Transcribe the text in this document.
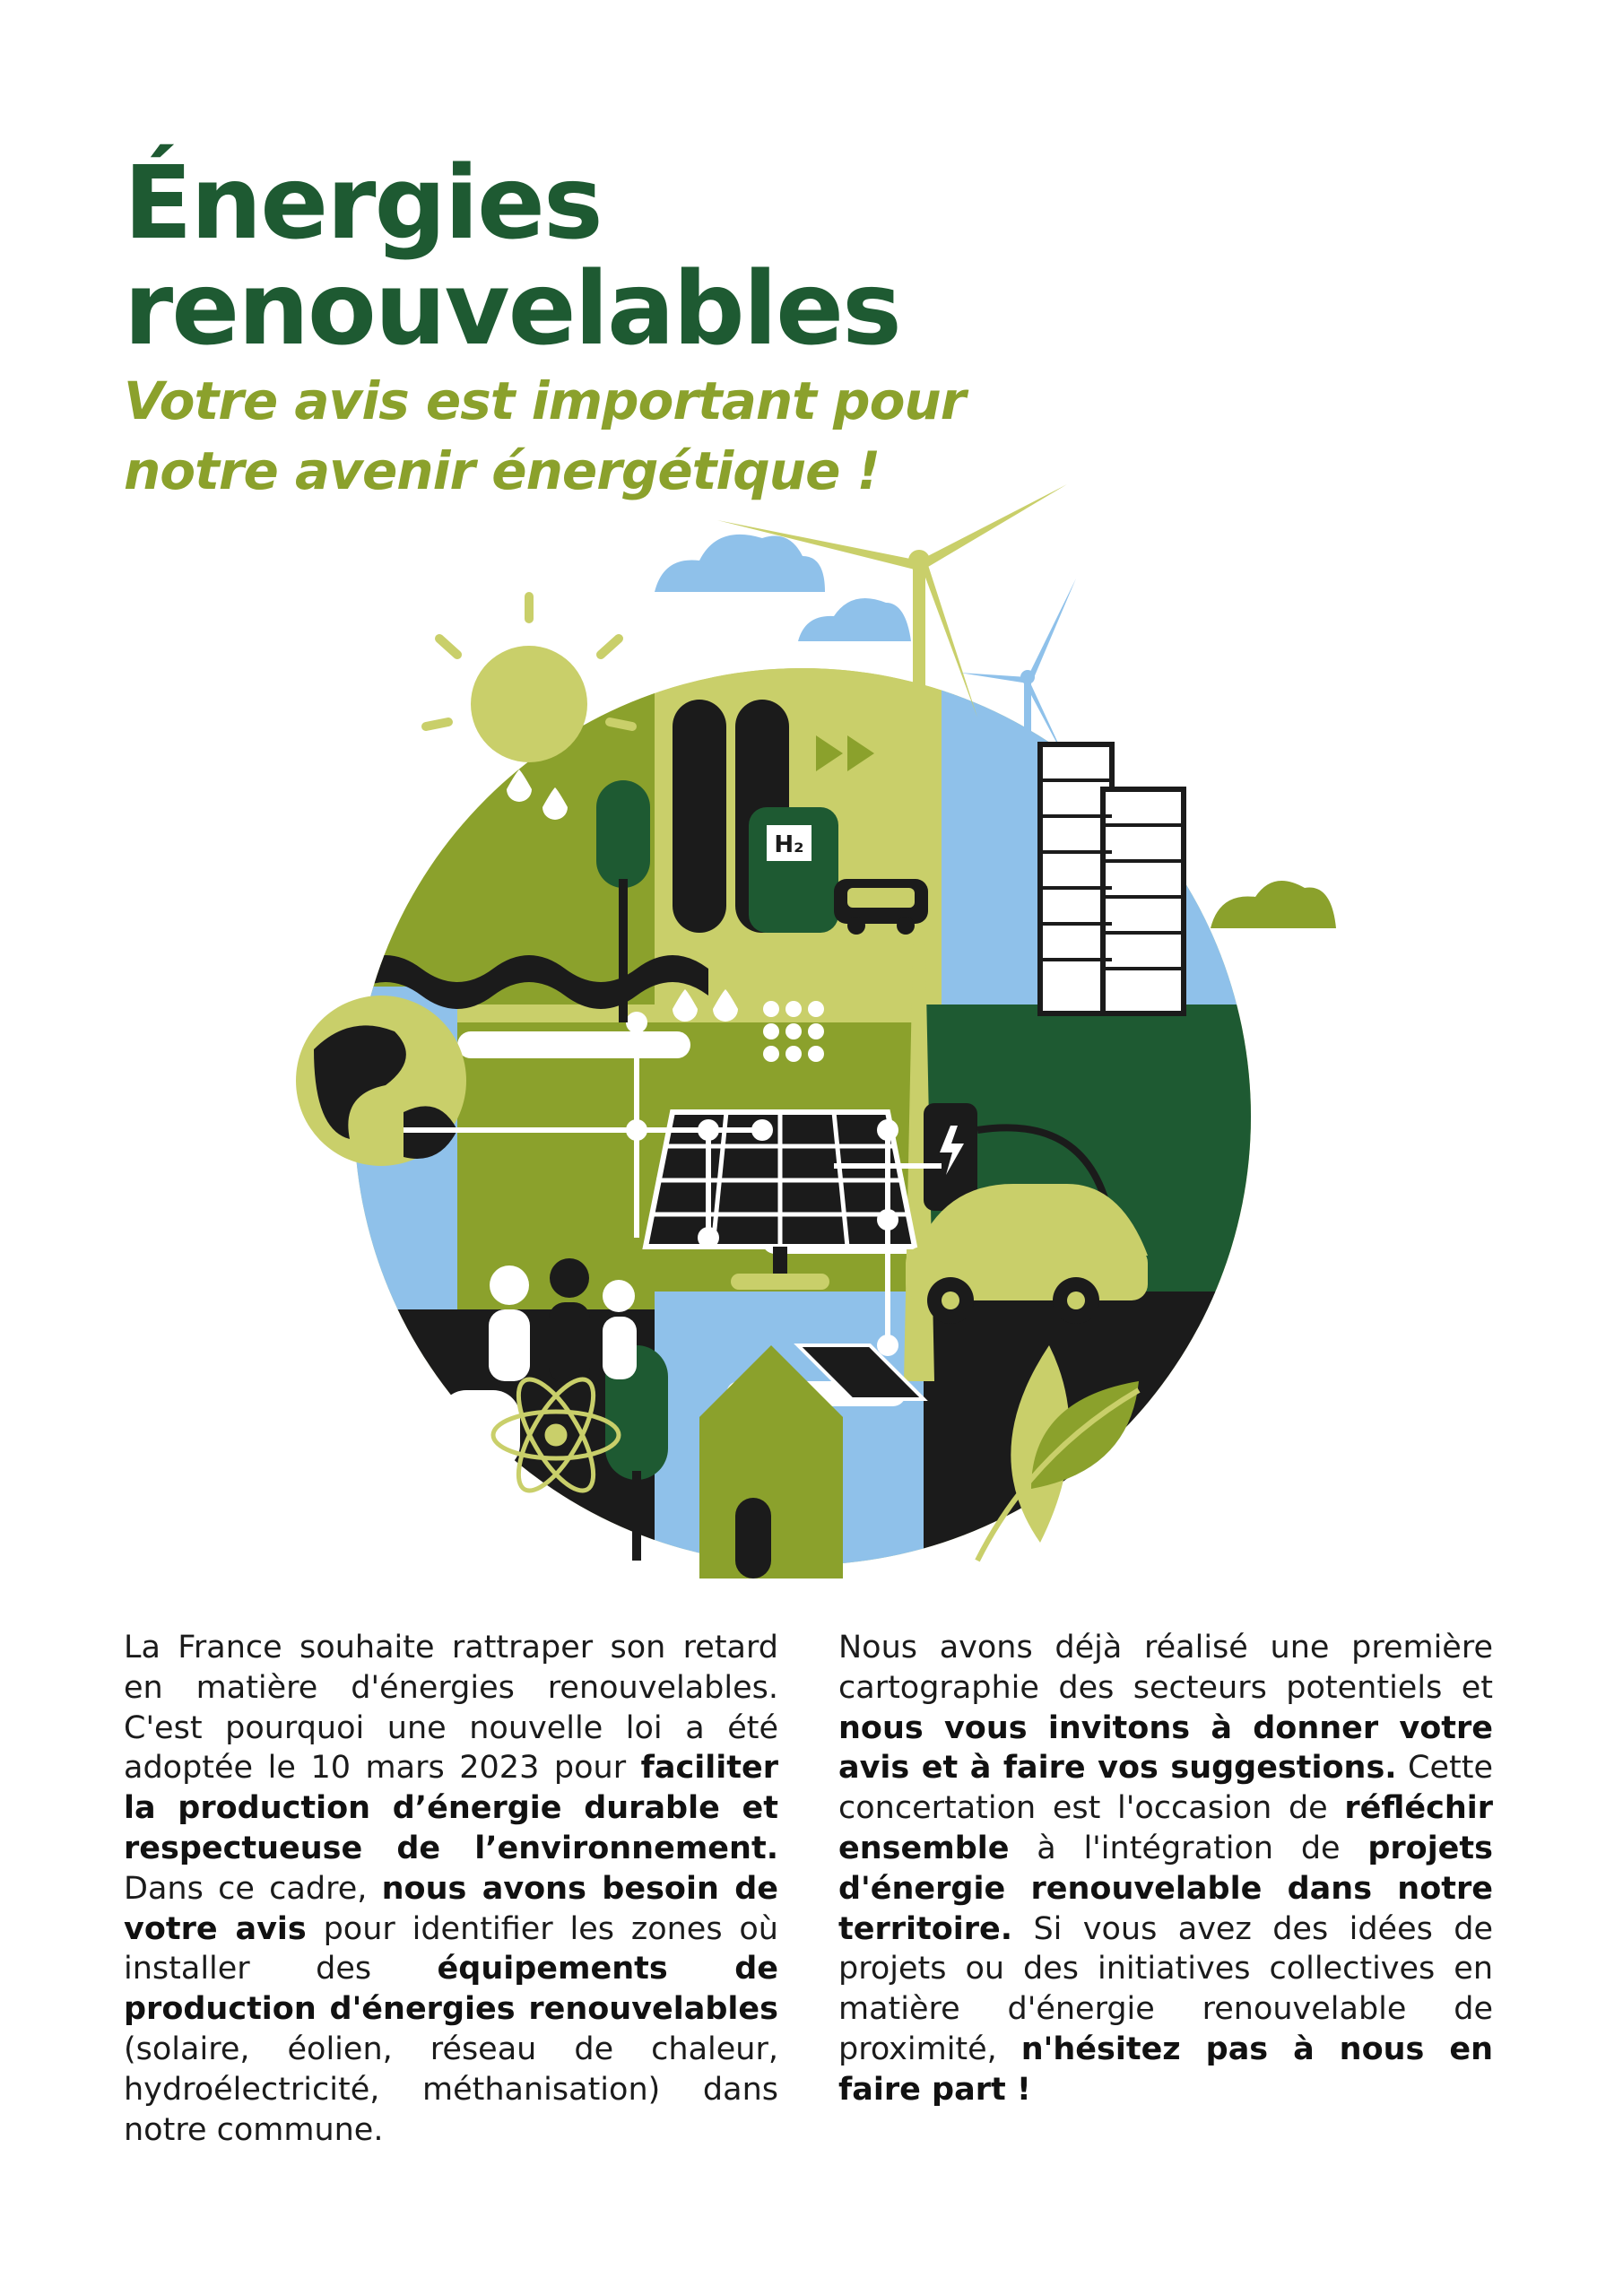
Énergies
renouvelables
Votre avis est important pour
notre avenir énergétique !
H₂

La France souhaite rattraper son retard en matière d'énergies renouvelables. C'est pourquoi une nouvelle loi a été adoptée le 10 mars 2023 pour faciliter la production d’énergie durable et respectueuse de l’environnement. Dans ce cadre, nous avons besoin de votre avis pour identifier les zones où installer des équipements de production d'énergies renouvelables (solaire, éolien, réseau de chaleur, hydroélectricité, méthanisation) dans notre commune.

Nous avons déjà réalisé une première cartographie des secteurs potentiels et nous vous invitons à donner votre avis et à faire vos suggestions. Cette concertation est l'occasion de réfléchir ensemble à l'intégration de projets d'énergie renouvelable dans notre territoire. Si vous avez des idées de projets ou des initiatives collectives en matière d'énergie renouvelable de proximité, n'hésitez pas à nous en faire part !
